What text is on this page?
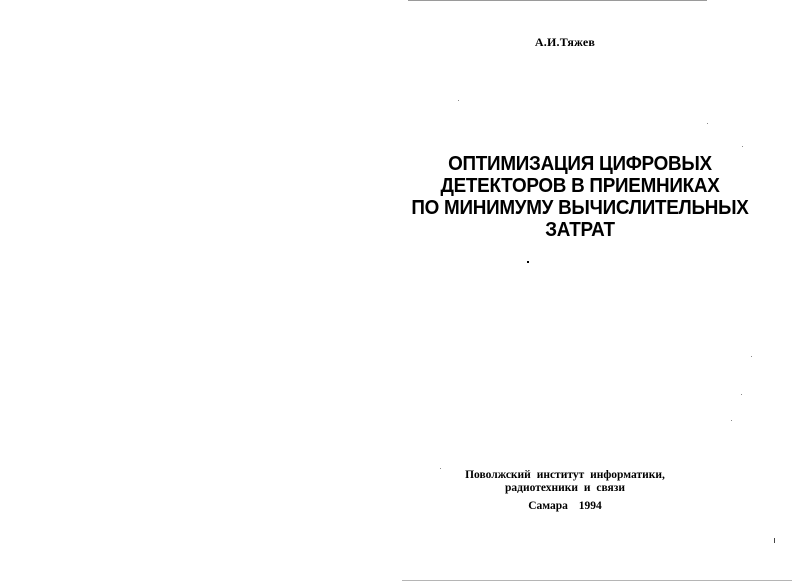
А.И.Тяжев
ОПТИМИЗАЦИЯ ЦИФРОВЫХ
ДЕТЕКТОРОВ В ПРИЕМНИКАХ
ПО МИНИМУМУ ВЫЧИСЛИТЕЛЬНЫХ
ЗАТРАТ
Поволжский институт информатики,
радиотехники и связи
Самара 1994
